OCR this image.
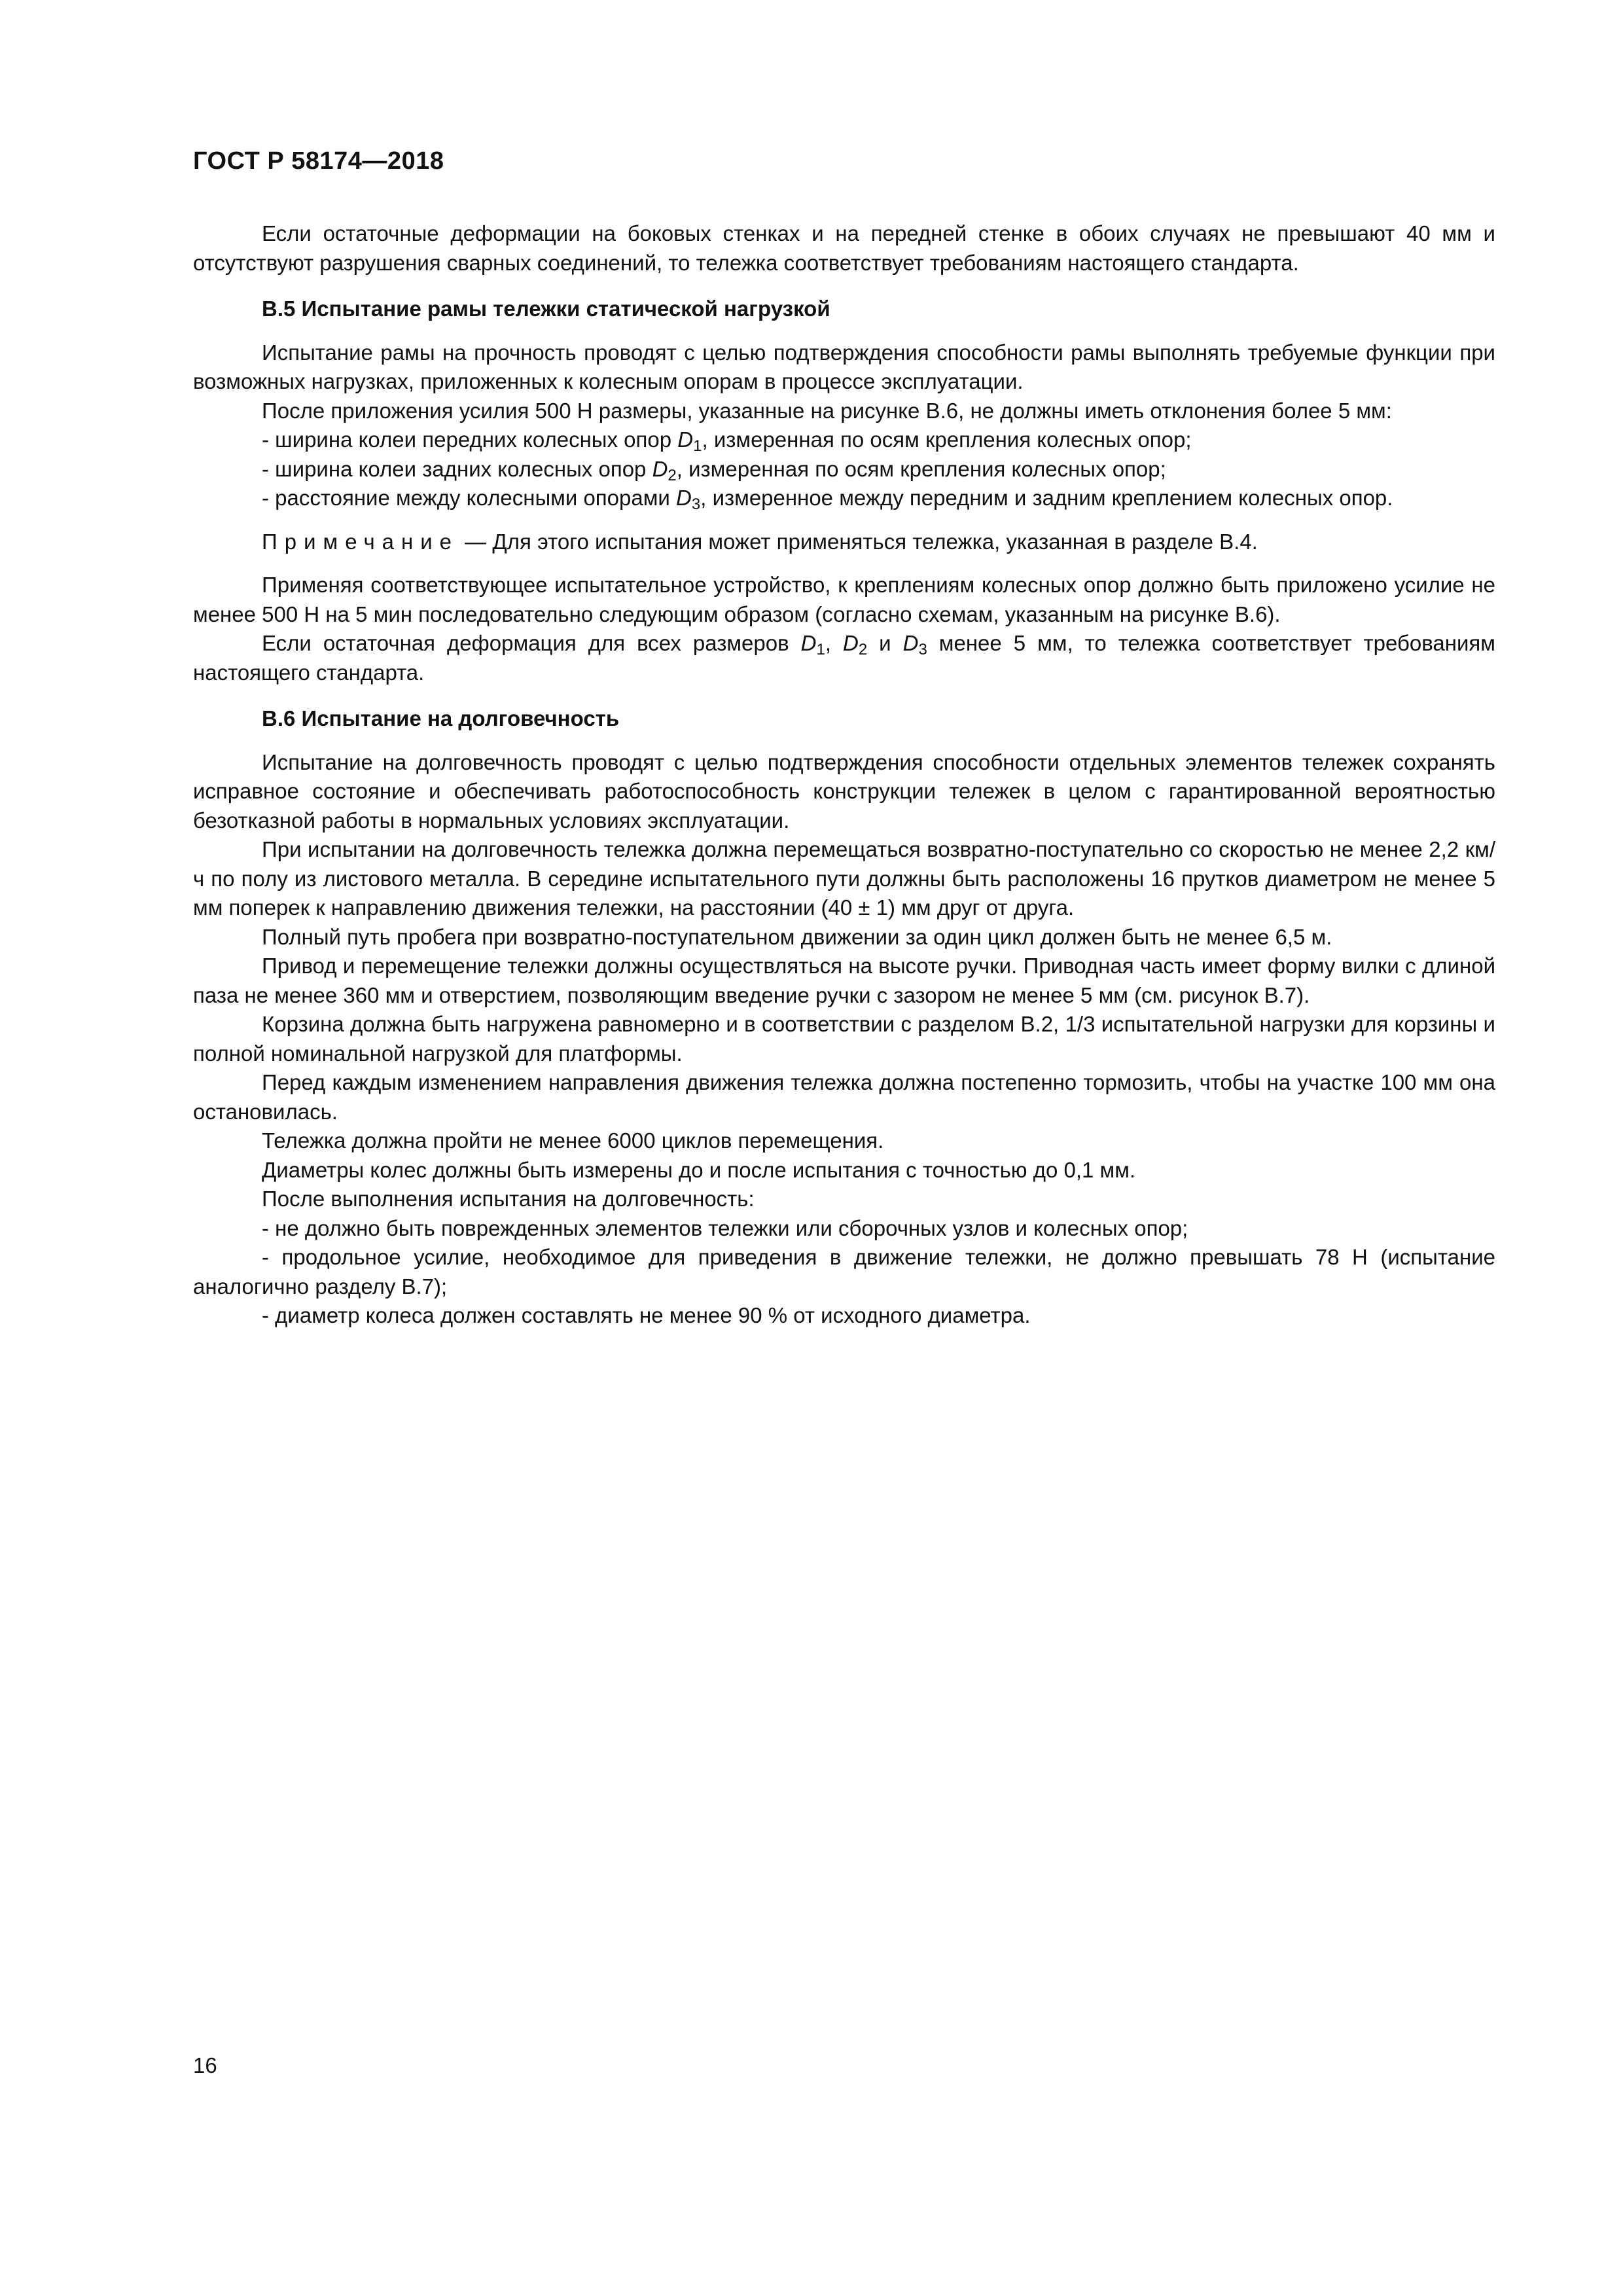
ГОСТ Р 58174—2018

Если остаточные деформации на боковых стенках и на передней стенке в обоих случаях не превышают 40 мм и отсутствуют разрушения сварных соединений, то тележка соответствует требованиям настоящего стандарта.

В.5 Испытание рамы тележки статической нагрузкой

Испытание рамы на прочность проводят с целью подтверждения способности рамы выполнять требуемые функции при возможных нагрузках, приложенных к колесным опорам в процессе эксплуатации.

После приложения усилия 500 Н размеры, указанные на рисунке В.6, не должны иметь отклонения более 5 мм:

- ширина колеи передних колесных опор $D_1$, измеренная по осям крепления колесных опор;

- ширина колеи задних колесных опор $D_2$, измеренная по осям крепления колесных опор;

- расстояние между колесными опорами $D_3$, измеренное между передним и задним креплением колесных опор.

Примечание — Для этого испытания может применяться тележка, указанная в разделе В.4.

Применяя соответствующее испытательное устройство, к креплениям колесных опор должно быть приложено усилие не менее 500 Н на 5 мин последовательно следующим образом (согласно схемам, указанным на рисунке В.6).

Если остаточная деформация для всех размеров $D_1$, $D_2$ и $D_3$ менее 5 мм, то тележка соответствует требованиям настоящего стандарта.

В.6 Испытание на долговечность

Испытание на долговечность проводят с целью подтверждения способности отдельных элементов тележек сохранять исправное состояние и обеспечивать работоспособность конструкции тележек в целом с гарантированной вероятностью безотказной работы в нормальных условиях эксплуатации.

При испытании на долговечность тележка должна перемещаться возвратно-поступательно со скоростью не менее 2,2 км/ч по полу из листового металла. В середине испытательного пути должны быть расположены 16 прутков диаметром не менее 5 мм поперек к направлению движения тележки, на расстоянии (40 ± 1) мм друг от друга.

Полный путь пробега при возвратно-поступательном движении за один цикл должен быть не менее 6,5 м.

Привод и перемещение тележки должны осуществляться на высоте ручки. Приводная часть имеет форму вилки с длиной паза не менее 360 мм и отверстием, позволяющим введение ручки с зазором не менее 5 мм (см. рисунок В.7).

Корзина должна быть нагружена равномерно и в соответствии с разделом В.2, 1/3 испытательной нагрузки для корзины и полной номинальной нагрузкой для платформы.

Перед каждым изменением направления движения тележка должна постепенно тормозить, чтобы на участке 100 мм она остановилась.

Тележка должна пройти не менее 6000 циклов перемещения.

Диаметры колес должны быть измерены до и после испытания с точностью до 0,1 мм.

После выполнения испытания на долговечность:

- не должно быть поврежденных элементов тележки или сборочных узлов и колесных опор;

- продольное усилие, необходимое для приведения в движение тележки, не должно превышать 78 Н (испытание аналогично разделу В.7);

- диаметр колеса должен составлять не менее 90 % от исходного диаметра.

16
